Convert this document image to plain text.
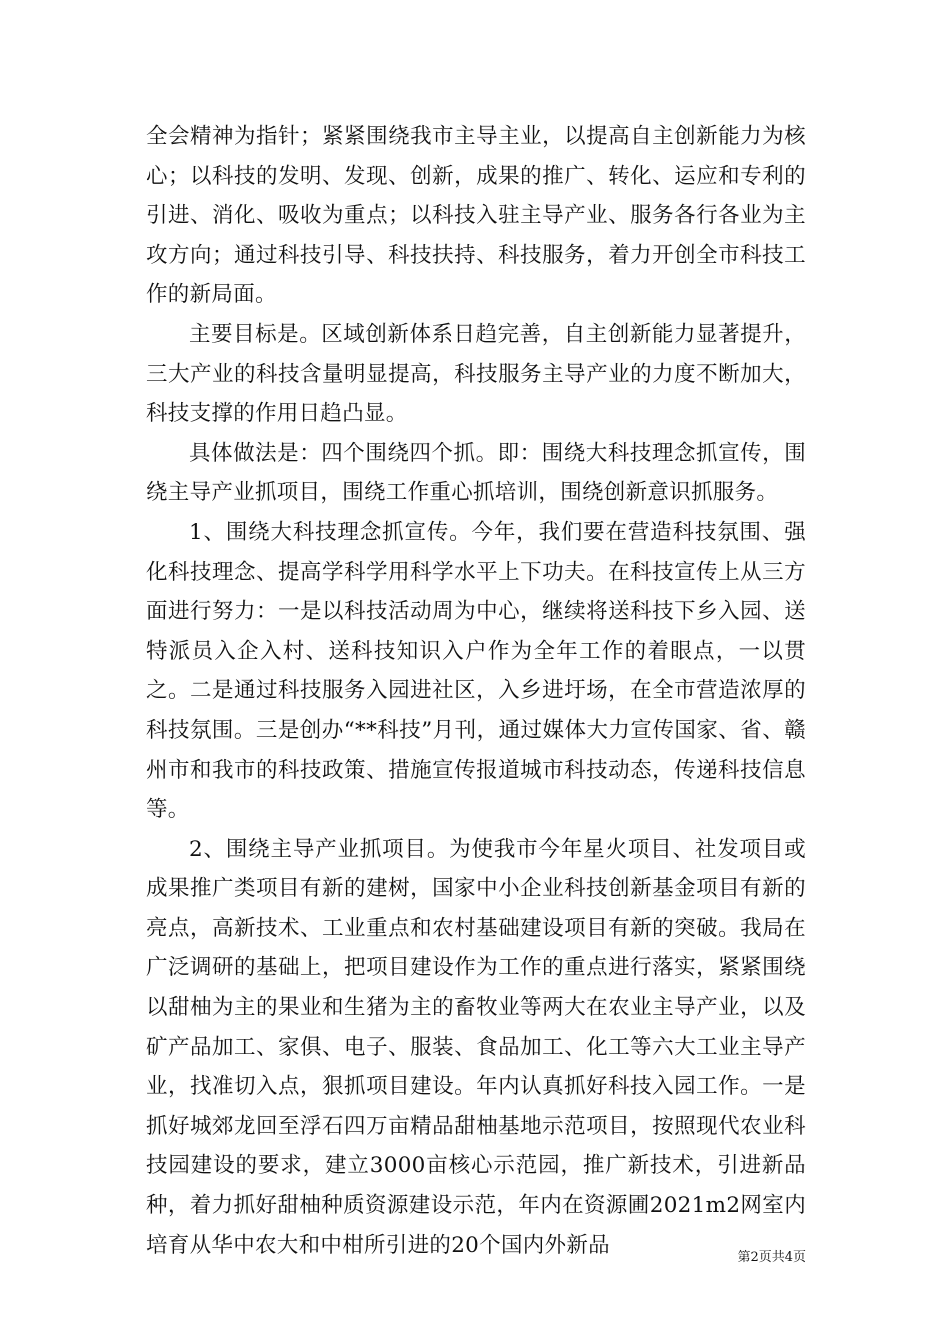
全会精神为指针；紧紧围绕我市主导主业，以提高自主创新能力为核心；以科技的发明、发现、创新，成果的推广、转化、运应和专利的引进、消化、吸收为重点；以科技入驻主导产业、服务各行各业为主攻方向；通过科技引导、科技扶持、科技服务，着力开创全市科技工作的新局面。

主要目标是。区域创新体系日趋完善，自主创新能力显著提升，三大产业的科技含量明显提高，科技服务主导产业的力度不断加大，科技支撑的作用日趋凸显。

具体做法是：四个围绕四个抓。即：围绕大科技理念抓宣传，围绕主导产业抓项目，围绕工作重心抓培训，围绕创新意识抓服务。

1、围绕大科技理念抓宣传。今年，我们要在营造科技氛围、强化科技理念、提高学科学用科学水平上下功夫。在科技宣传上从三方面进行努力：一是以科技活动周为中心，继续将送科技下乡入园、送特派员入企入村、送科技知识入户作为全年工作的着眼点，一以贯之。二是通过科技服务入园进社区，入乡进圩场，在全市营造浓厚的科技氛围。三是创办“**科技”月刊，通过媒体大力宣传国家、省、赣州市和我市的科技政策、措施宣传报道城市科技动态，传递科技信息等。

2、围绕主导产业抓项目。为使我市今年星火项目、社发项目或成果推广类项目有新的建树，国家中小企业科技创新基金项目有新的亮点，高新技术、工业重点和农村基础建设项目有新的突破。我局在广泛调研的基础上，把项目建设作为工作的重点进行落实，紧紧围绕以甜柚为主的果业和生猪为主的畜牧业等两大在农业主导产业，以及矿产品加工、家俱、电子、服装、食品加工、化工等六大工业主导产业，找准切入点，狠抓项目建设。年内认真抓好科技入园工作。一是抓好城郊龙回至浮石四万亩精品甜柚基地示范项目，按照现代农业科技园建设的要求，建立3000亩核心示范园，推广新技术，引进新品种，着力抓好甜柚种质资源建设示范，年内在资源圃2021m2网室内培育从华中农大和中柑所引进的20个国内外新品	第2页共4页
